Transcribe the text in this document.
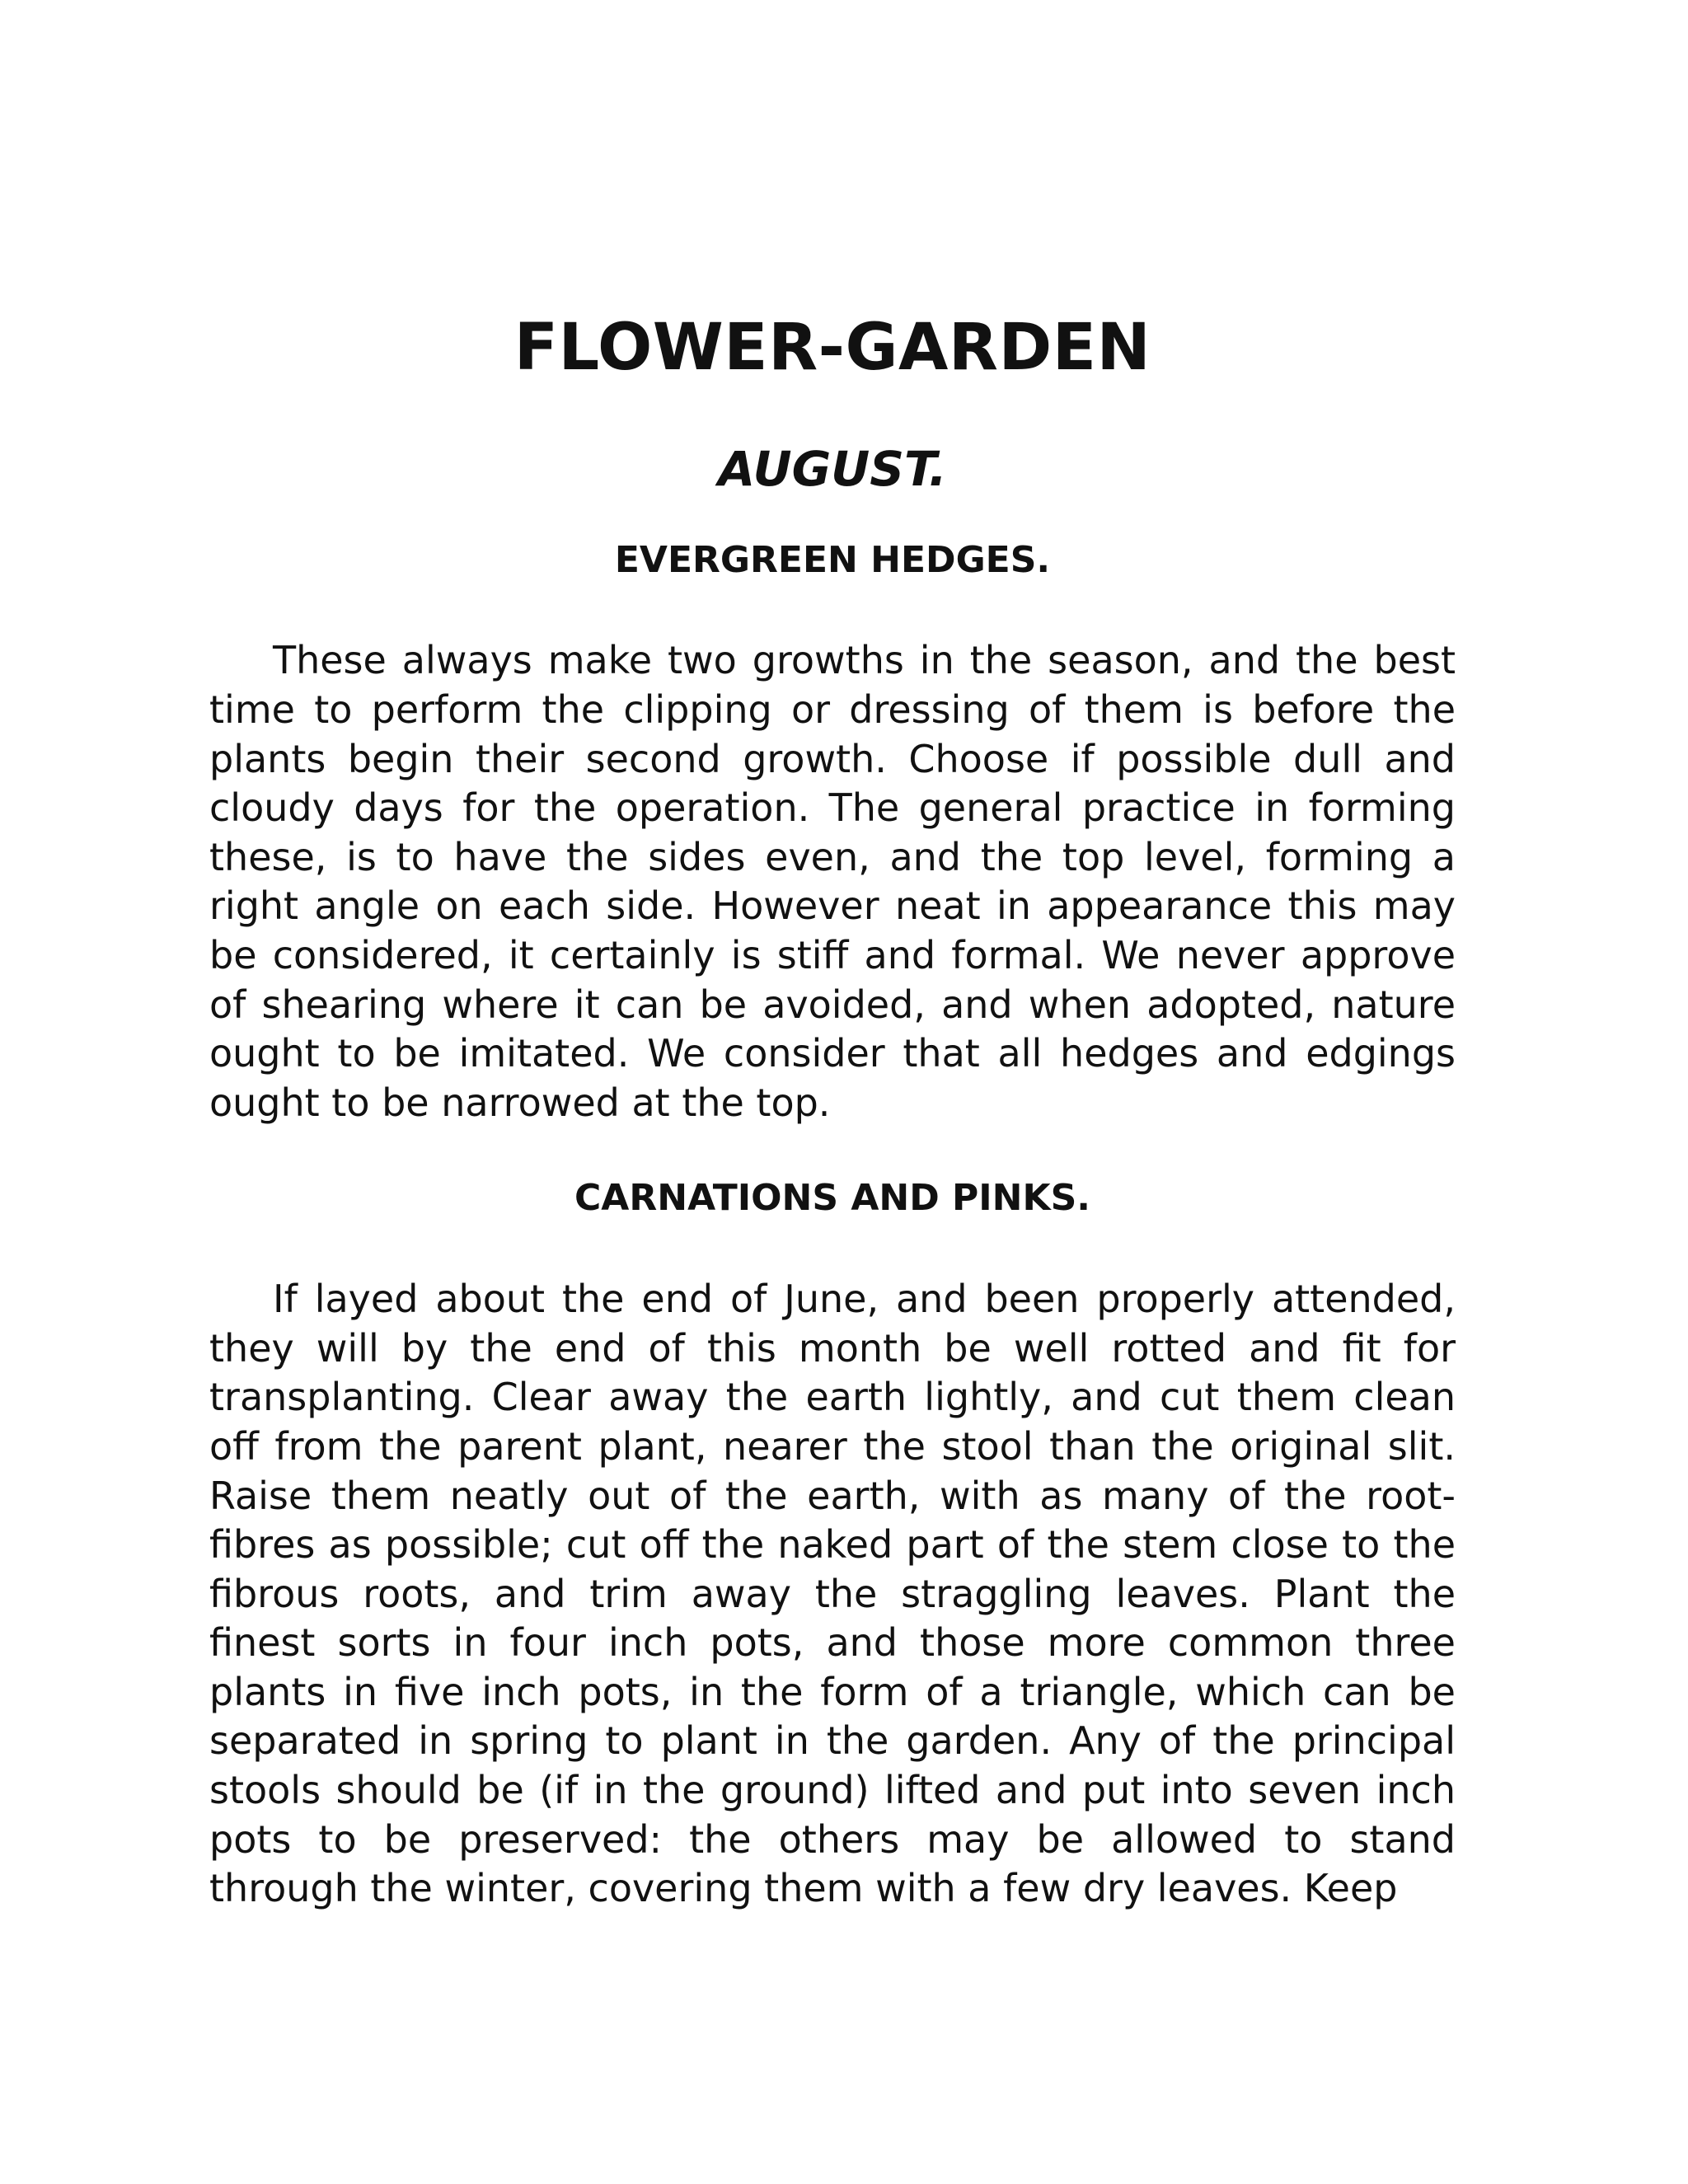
FLOWER-GARDEN
AUGUST.
EVERGREEN HEDGES.

These always make two growths in the season, and the best time to perform the clipping or dressing of them is before the plants begin their second growth. Choose if possible dull and cloudy days for the operation. The general practice in forming these, is to have the sides even, and the top level, forming a right angle on each side. However neat in appearance this may be considered, it certainly is stiff and formal. We never approve of shearing where it can be avoided, and when adopted, nature ought to be imitated. We consider that all hedges and edgings ought to be narrowed at the top.

CARNATIONS AND PINKS.

If layed about the end of June, and been properly attended, they will by the end of this month be well rotted and fit for transplanting. Clear away the earth lightly, and cut them clean off from the parent plant, nearer the stool than the original slit. Raise them neatly out of the earth, with as many of the root-fibres as possible; cut off the naked part of the stem close to the fibrous roots, and trim away the straggling leaves. Plant the finest sorts in four inch pots, and those more common three plants in five inch pots, in the form of a triangle, which can be separated in spring to plant in the garden. Any of the principal stools should be (if in the ground) lifted and put into seven inch pots to be preserved: the others may be allowed to stand through the winter, covering them with a few dry leaves. Keep
